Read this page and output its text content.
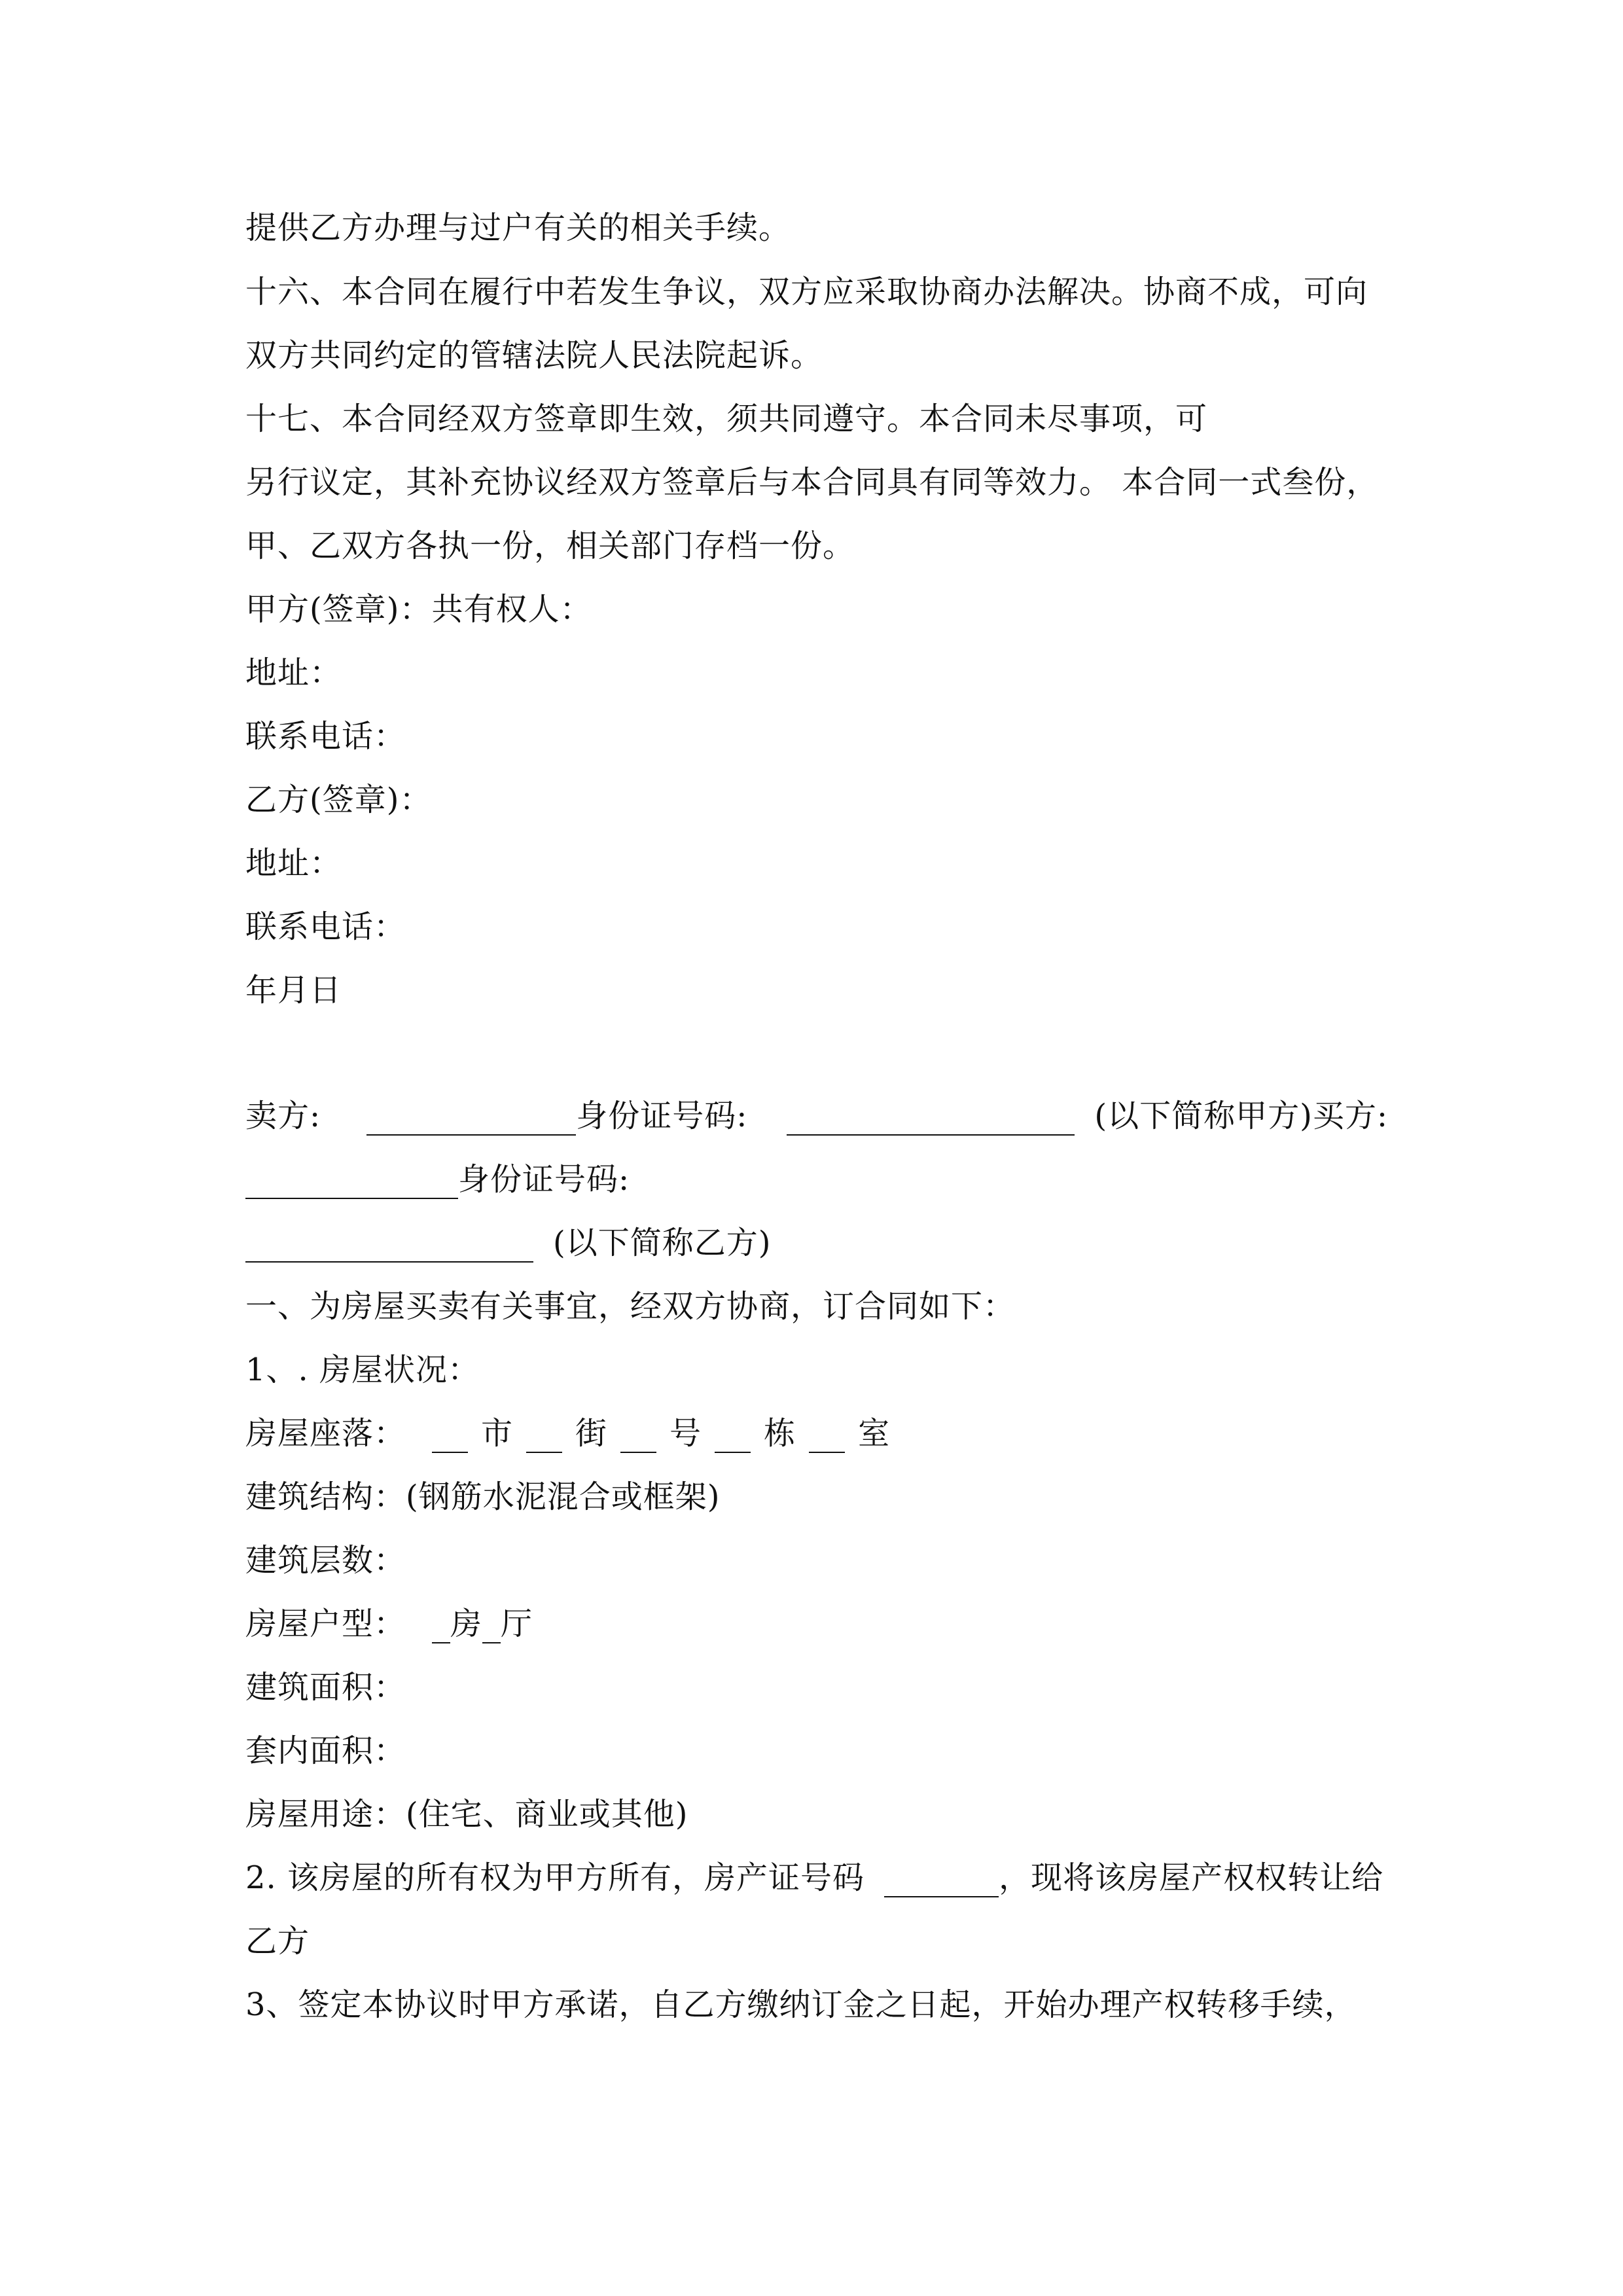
提供乙方办理与过户有关的相关手续。
十六、本合同在履行中若发生争议，双方应采取协商办法解决。协商不成，可向
双方共同约定的管辖法院人民法院起诉。
十七、本合同经双方签章即生效，须共同遵守。本合同未尽事项，可
另行议定，其补充协议经双方签章后与本合同具有同等效力。 本合同一式叁份，
甲、乙双方各执一份，相关部门存档一份。
甲方(签章)：共有权人：
地址：
联系电话：
乙方(签章)：
地址：
联系电话：
年月日
卖方:	身份证号码:	(以下简称甲方)买方:
身份证号码:
(以下简称乙方)
一、为房屋买卖有关事宜，经双方协商，订合同如下：
1、. 房屋状况：
房屋座落： 市 街 号 栋 室
建筑结构：(钢筋水泥混合或框架)
建筑层数：
房屋户型： 房 厅
建筑面积：
套内面积：
房屋用途：(住宅、商业或其他)
2. 该房屋的所有权为甲方所有，房产证号码	，现将该房屋产权权转让给
乙方
3、签定本协议时甲方承诺，自乙方缴纳订金之日起，开始办理产权转移手续，
